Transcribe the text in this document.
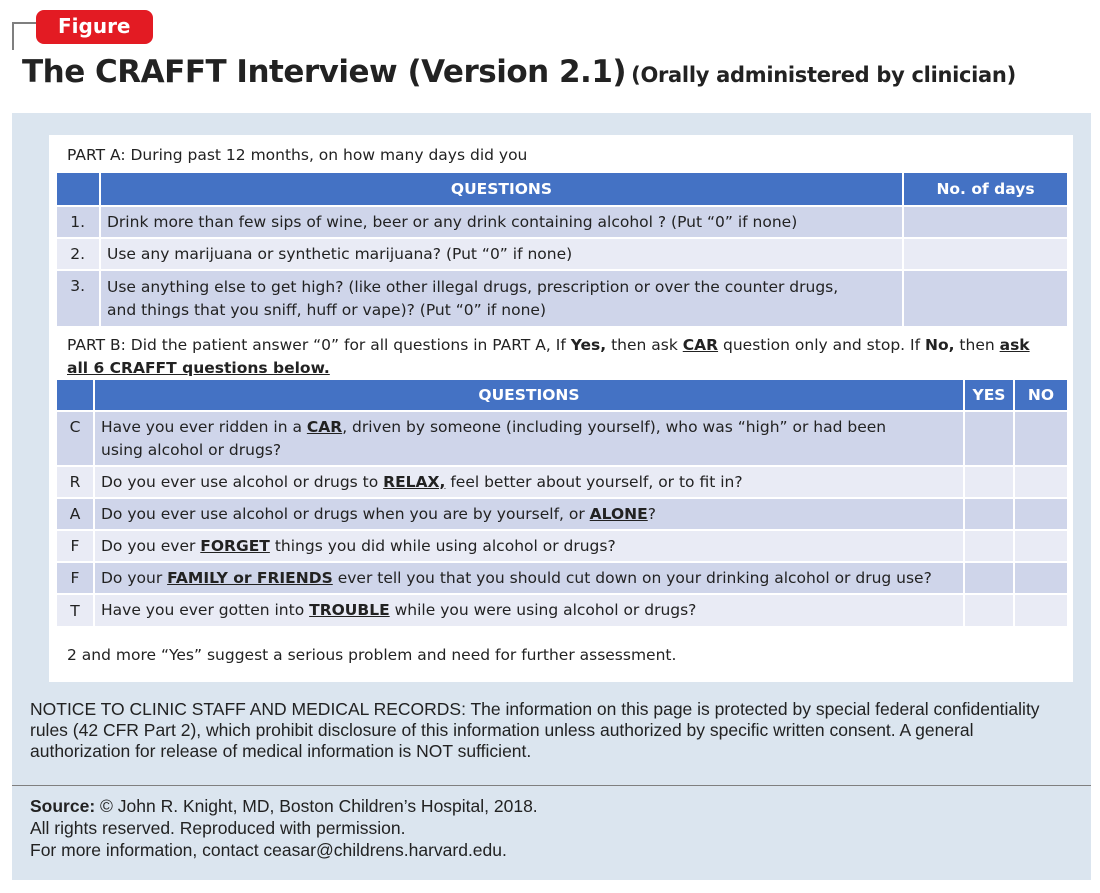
Figure
The CRAFFT Interview (Version 2.1) (Orally administered by clinician)
PART A: During past 12 months, on how many days did you
	QUESTIONS	No. of days
1.	Drink more than few sips of wine, beer or any drink containing alcohol ? (Put “0” if none)	
2.	Use any marijuana or synthetic marijuana? (Put “0” if none)	
3.	Use anything else to get high? (like other illegal drugs, prescription or over the counter drugs,
and things that you sniff, huff or vape)? (Put “0” if none)	

PART B: Did the patient answer “0” for all questions in PART A, If Yes, then ask CAR question only and stop. If No, then ask
all 6 CRAFFT questions below.
	QUESTIONS	YES	NO
C	Have you ever ridden in a CAR, driven by someone (including yourself), who was “high” or had been
using alcohol or drugs?		

R	Do you ever use alcohol or drugs to RELAX, feel better about yourself, or to fit in?		
A	Do you ever use alcohol or drugs when you are by yourself, or ALONE?		
F	Do you ever FORGET things you did while using alcohol or drugs?		
F	Do your FAMILY or FRIENDS ever tell you that you should cut down on your drinking alcohol or drug use?		
T	Have you ever gotten into TROUBLE while you were using alcohol or drugs?		
2 and more “Yes” suggest a serious problem and need for further assessment.
NOTICE TO CLINIC STAFF AND MEDICAL RECORDS: The information on this page is protected by special federal confidentiality rules (42 CFR Part 2), which prohibit disclosure of this information unless authorized by specific written consent. A general authorization for release of medical information is NOT sufficient.
Source: © John R. Knight, MD, Boston Children’s Hospital, 2018.
All rights reserved. Reproduced with permission.
For more information, contact ceasar@childrens.harvard.edu.
